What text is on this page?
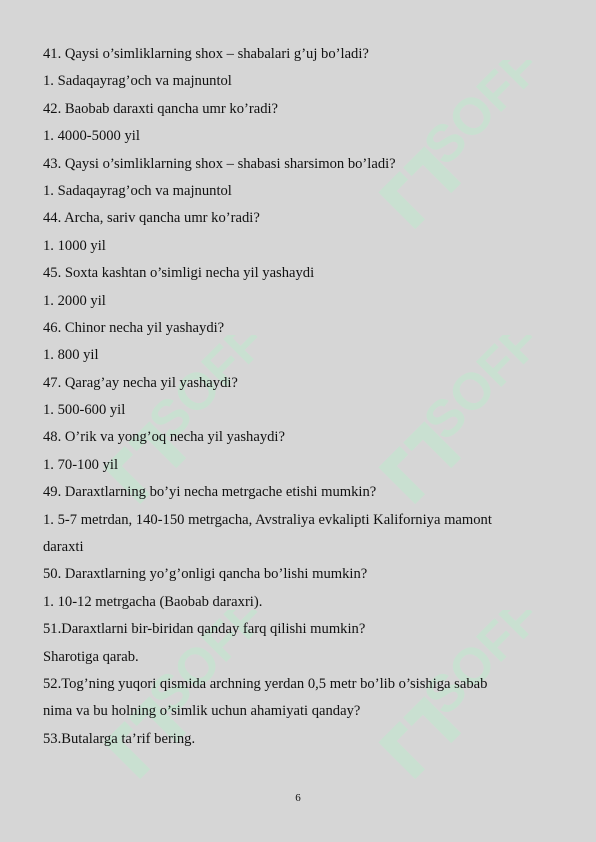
SOFF
SOFF	SOFF
SOFF	SOFF
41. Qaysi o’simliklarning shox – shabalari g’uj bo’ladi?
1. Sadaqayrag’och va majnuntol
42. Baobab daraxti qancha umr ko’radi?
1. 4000-5000 yil
43. Qaysi o’simliklarning shox – shabasi sharsimon bo’ladi?
1. Sadaqayrag’och va majnuntol
44. Archa, sariv qancha umr ko’radi?
1. 1000 yil
45. Soxta kashtan o’simligi necha yil yashaydi
1. 2000 yil
46. Chinor necha yil yashaydi?
1. 800 yil
47. Qarag’ay necha yil yashaydi?
1. 500-600 yil
48. O’rik va yong’oq necha yil yashaydi?
1. 70-100 yil
49. Daraxtlarning bo’yi necha metrgache etishi mumkin?
1. 5-7 metrdan, 140-150 metrgacha, Avstraliya evkalipti Kaliforniya mamont
daraxti
50. Daraxtlarning yo’g’onligi qancha bo’lishi mumkin?
1. 10-12 metrgacha (Baobab daraxri).
51.Daraxtlarni bir-biridan qanday farq qilishi mumkin?
Sharotiga qarab.
52.Tog’ning yuqori qismida archning yerdan 0,5 metr bo’lib o’sishiga sabab
nima va bu holning o’simlik uchun ahamiyati qanday?
53.Butalarga ta’rif bering.
6
